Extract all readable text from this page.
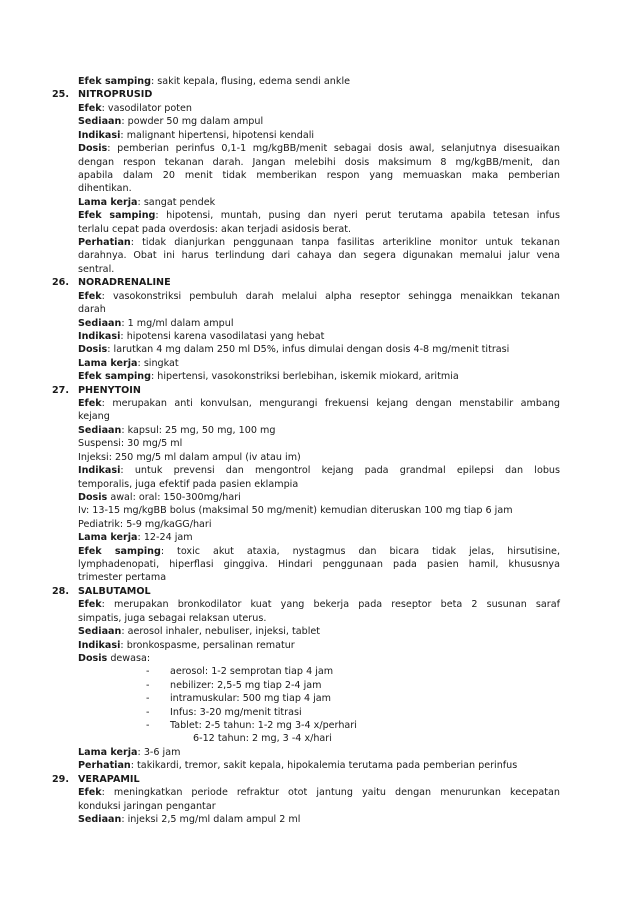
Efek samping: sakit kepala, flusing, edema sendi ankle
25. NITROPRUSID
Efek: vasodilator poten
Sediaan: powder 50 mg dalam ampul
Indikasi: malignant hipertensi, hipotensi kendali
Dosis: pemberian perinfus 0,1-1 mg/kgBB/menit sebagai dosis awal, selanjutnya disesuaikan
dengan respon tekanan darah. Jangan melebihi dosis maksimum 8 mg/kgBB/menit, dan
apabila dalam 20 menit tidak memberikan respon yang memuaskan maka pemberian
dihentikan.
Lama kerja: sangat pendek
Efek samping: hipotensi, muntah, pusing dan nyeri perut terutama apabila tetesan infus
terlalu cepat pada overdosis: akan terjadi asidosis berat.
Perhatian: tidak dianjurkan penggunaan tanpa fasilitas arterikline monitor untuk tekanan
darahnya. Obat ini harus terlindung dari cahaya dan segera digunakan memalui jalur vena
sentral.
26. NORADRENALINE
Efek: vasokonstriksi pembuluh darah melalui alpha reseptor sehingga menaikkan tekanan
darah
Sediaan: 1 mg/ml dalam ampul
Indikasi: hipotensi karena vasodilatasi yang hebat
Dosis: larutkan 4 mg dalam 250 ml D5%, infus dimulai dengan dosis 4-8 mg/menit titrasi
Lama kerja: singkat
Efek samping: hipertensi, vasokonstriksi berlebihan, iskemik miokard, aritmia
27. PHENYTOIN
Efek: merupakan anti konvulsan, mengurangi frekuensi kejang dengan menstabilir ambang
kejang
Sediaan: kapsul: 25 mg, 50 mg, 100 mg
Suspensi: 30 mg/5 ml
Injeksi: 250 mg/5 ml dalam ampul (iv atau im)
Indikasi: untuk prevensi dan mengontrol kejang pada grandmal epilepsi dan lobus
temporalis, juga efektif pada pasien eklampia
Dosis awal: oral: 150-300mg/hari
Iv: 13-15 mg/kgBB bolus (maksimal 50 mg/menit) kemudian diteruskan 100 mg tiap 6 jam
Pediatrik: 5-9 mg/kaGG/hari
Lama kerja: 12-24 jam
Efek samping: toxic akut ataxia, nystagmus dan bicara tidak jelas, hirsutisine,
lymphadenopati, hiperflasi ginggiva. Hindari penggunaan pada pasien hamil, khususnya
trimester pertama
28. SALBUTAMOL
Efek: merupakan bronkodilator kuat yang bekerja pada reseptor beta 2 susunan saraf
simpatis, juga sebagai relaksan uterus.
Sediaan: aerosol inhaler, nebuliser, injeksi, tablet
Indikasi: bronkospasme, persalinan rematur
Dosis dewasa:
- aerosol: 1-2 semprotan tiap 4 jam
- nebilizer: 2,5-5 mg tiap 2-4 jam
- intramuskular: 500 mg tiap 4 jam
- Infus: 3-20 mg/menit titrasi
- Tablet: 2-5 tahun: 1-2 mg 3-4 x/perhari
6-12 tahun: 2 mg, 3 -4 x/hari
Lama kerja: 3-6 jam
Perhatian: takikardi, tremor, sakit kepala, hipokalemia terutama pada pemberian perinfus
29. VERAPAMIL
Efek: meningkatkan periode refraktur otot jantung yaitu dengan menurunkan kecepatan
konduksi jaringan pengantar
Sediaan: injeksi 2,5 mg/ml dalam ampul 2 ml
